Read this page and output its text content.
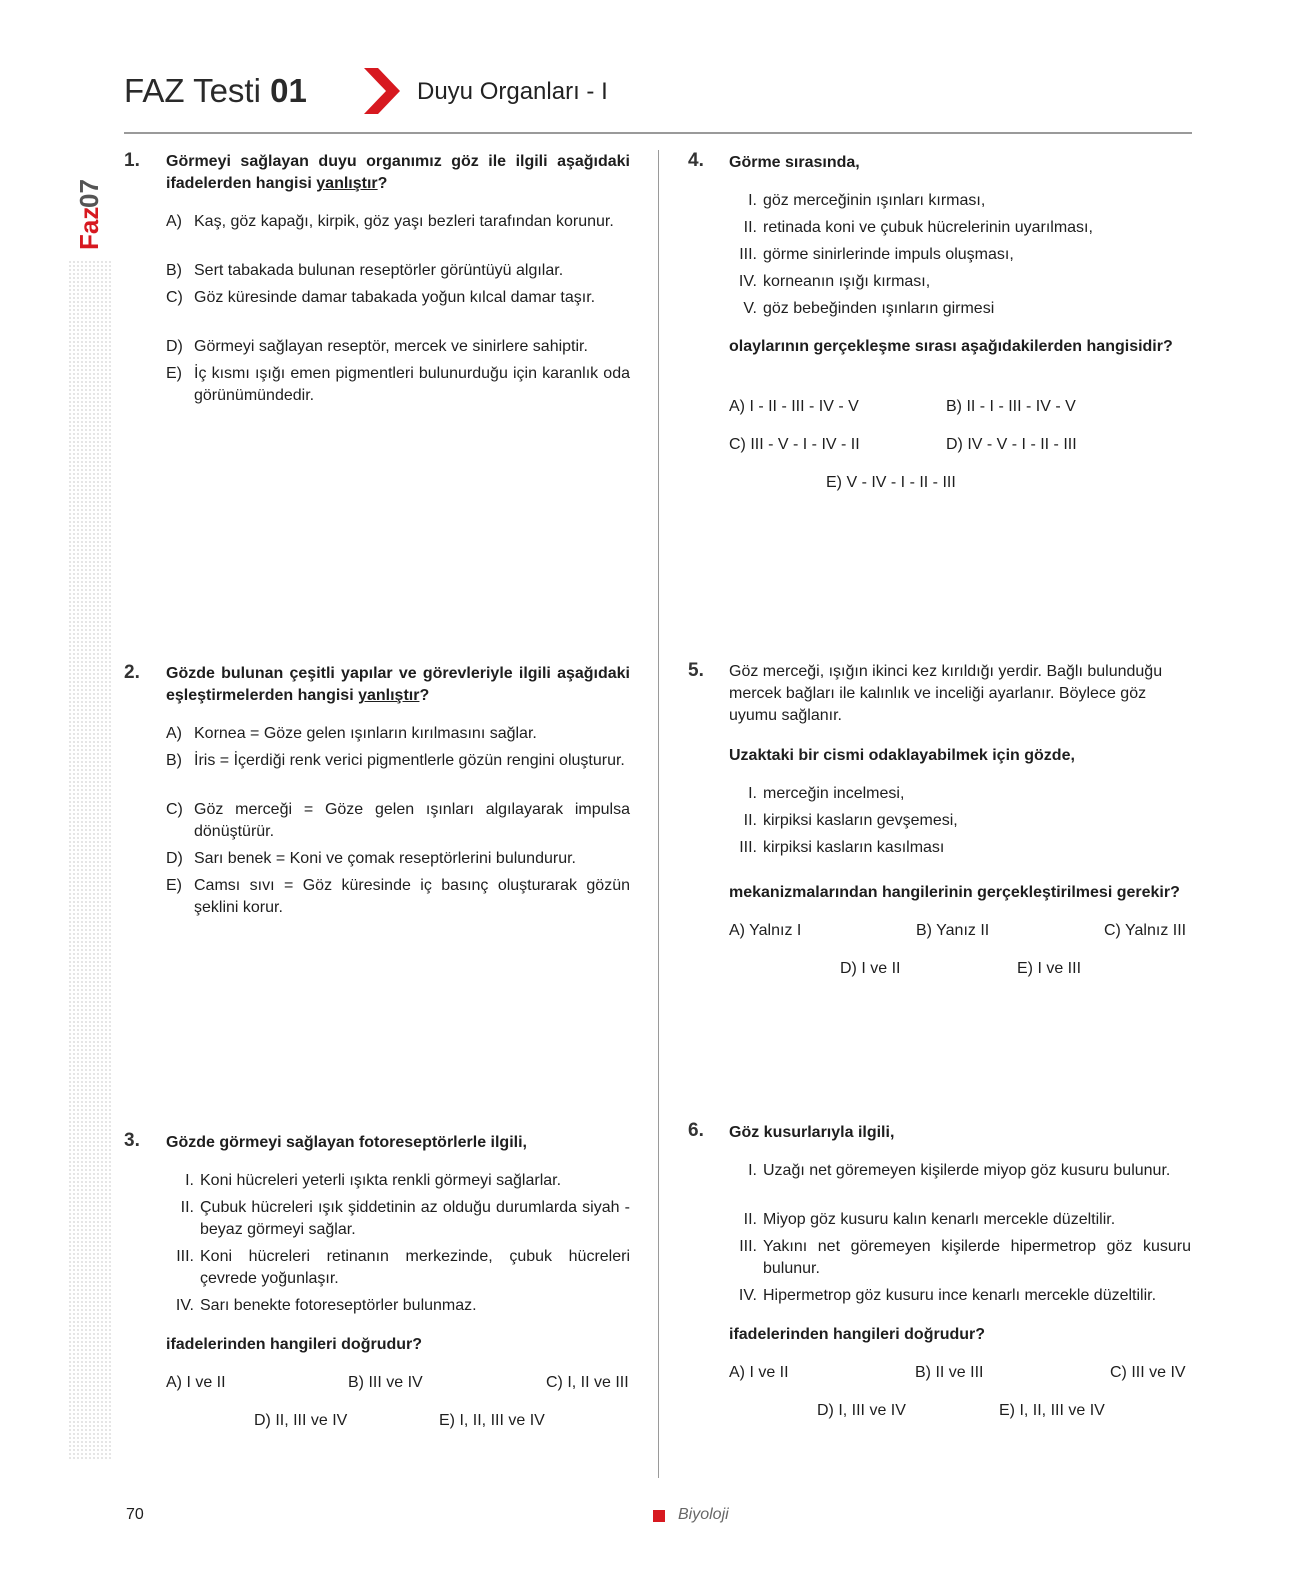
07
Faz
FAZ Testi 01	Duyu Organları - I
1. Görmeyi sağlayan duyu organımız göz ile ilgili aşağıdaki ifadelerden hangisi yanlıştır?
A) Kaş, göz kapağı, kirpik, göz yaşı bezleri tarafından korunur.
B) Sert tabakada bulunan reseptörler görüntüyü algılar.
C) Göz küresinde damar tabakada yoğun kılcal damar taşır.
D) Görmeyi sağlayan reseptör, mercek ve sinirlere sahiptir.
E) İç kısmı ışığı emen pigmentleri bulunurduğu için karanlık oda görünümündedir.
2. Gözde bulunan çeşitli yapılar ve görevleriyle ilgili aşağıdaki eşleştirmelerden hangisi yanlıştır?
A) Kornea = Göze gelen ışınların kırılmasını sağlar.
B) İris = İçerdiği renk verici pigmentlerle gözün rengini oluşturur.
C) Göz merceği = Göze gelen ışınları algılayarak impulsa dönüştürür.
D) Sarı benek = Koni ve çomak reseptörlerini bulundurur.
E) Camsı sıvı = Göz küresinde iç basınç oluşturarak gözün şeklini korur.
3. Gözde görmeyi sağlayan fotoreseptörlerle ilgili,
I. Koni hücreleri yeterli ışıkta renkli görmeyi sağlarlar.
II. Çubuk hücreleri ışık şiddetinin az olduğu durumlarda siyah - beyaz görmeyi sağlar.
III. Koni hücreleri retinanın merkezinde, çubuk hücreleri çevrede yoğunlaşır.
IV. Sarı benekte fotoreseptörler bulunmaz.
ifadelerinden hangileri doğrudur?
A) I ve II	B) III ve IV	C) I, II ve III
D) II, III ve IV	E) I, II, III ve IV
4. Görme sırasında,
I. göz merceğinin ışınları kırması,
II. retinada koni ve çubuk hücrelerinin uyarılması,
III. görme sinirlerinde impuls oluşması,
IV. korneanın ışığı kırması,
V. göz bebeğinden ışınların girmesi
olaylarının gerçekleşme sırası aşağıdakilerden hangisidir?
A) I - II - III - IV - V	B) II - I - III - IV - V
C) III - V - I - IV - II	D) IV - V - I - II - III
E) V - IV - I - II - III
5. Göz merceği, ışığın ikinci kez kırıldığı yerdir. Bağlı bulunduğu mercek bağları ile kalınlık ve inceliği ayarlanır. Böylece göz uyumu sağlanır.
Uzaktaki bir cismi odaklayabilmek için gözde,
I. merceğin incelmesi,
II. kirpiksi kasların gevşemesi,
III. kirpiksi kasların kasılması
mekanizmalarından hangilerinin gerçekleştirilmesi gerekir?
A) Yalnız I	B) Yanız II	C) Yalnız III
D) I ve II	E) I ve III
6. Göz kusurlarıyla ilgili,
I. Uzağı net göremeyen kişilerde miyop göz kusuru bulunur.
II. Miyop göz kusuru kalın kenarlı mercekle düzeltilir.
III. Yakını net göremeyen kişilerde hipermetrop göz kusuru bulunur.
IV. Hipermetrop göz kusuru ince kenarlı mercekle düzeltilir.
ifadelerinden hangileri doğrudur?
A) I ve II	B) II ve III	C) III ve IV
D) I, III ve IV	E) I, II, III ve IV
70	Biyoloji
